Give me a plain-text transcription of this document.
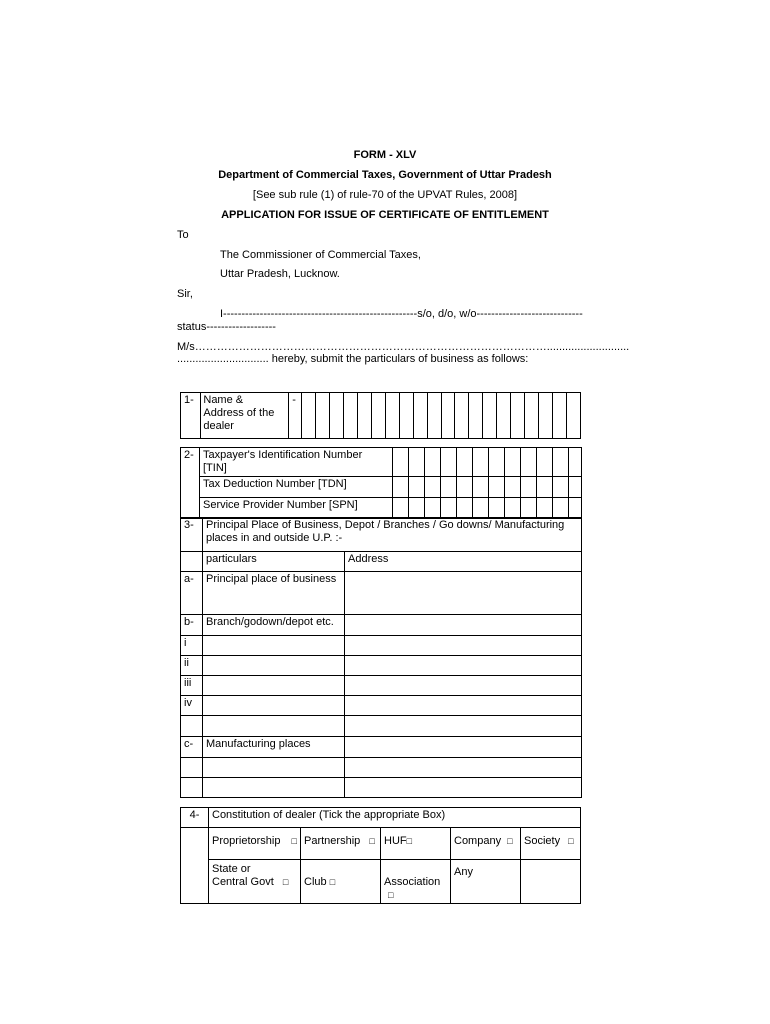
FORM - XLV
Department of Commercial Taxes, Government of Uttar Pradesh
[See sub rule (1) of rule-70 of the UPVAT Rules, 2008]
APPLICATION FOR ISSUE OF CERTIFICATE OF ENTITLEMENT
To
The Commissioner of Commercial Taxes,
Uttar Pradesh, Lucknow.
Sir,
I-----------------------------------------------------s/o, d/o, w/o-----------------------------
status-------------------
M/s……………………………………………………………………………………...........................
.............................. hereby, submit the particulars of business as follows:
1-	Name &
Address of the
dealer
	-																				
2-	Taxpayer's Identification Number [TIN]												
	Tax Deduction Number [TDN]												
	Service Provider Number [SPN]												
3-	Principal Place of Business, Depot / Branches / Go downs/ Manufacturing
places in and outside U.P. :-	

	particulars	Address
a-	Principal place of business	
b-	Branch/godown/depot etc.	
i		
ii		
iii		
iv		

c-	Manufacturing places	

4-	Constitution of dealer (Tick the appropriate Box)				
	Proprietorship □	Partnership □	HUF□	Company □	Society □

	State or
Central Govt □	Club □	Association □	Any	
